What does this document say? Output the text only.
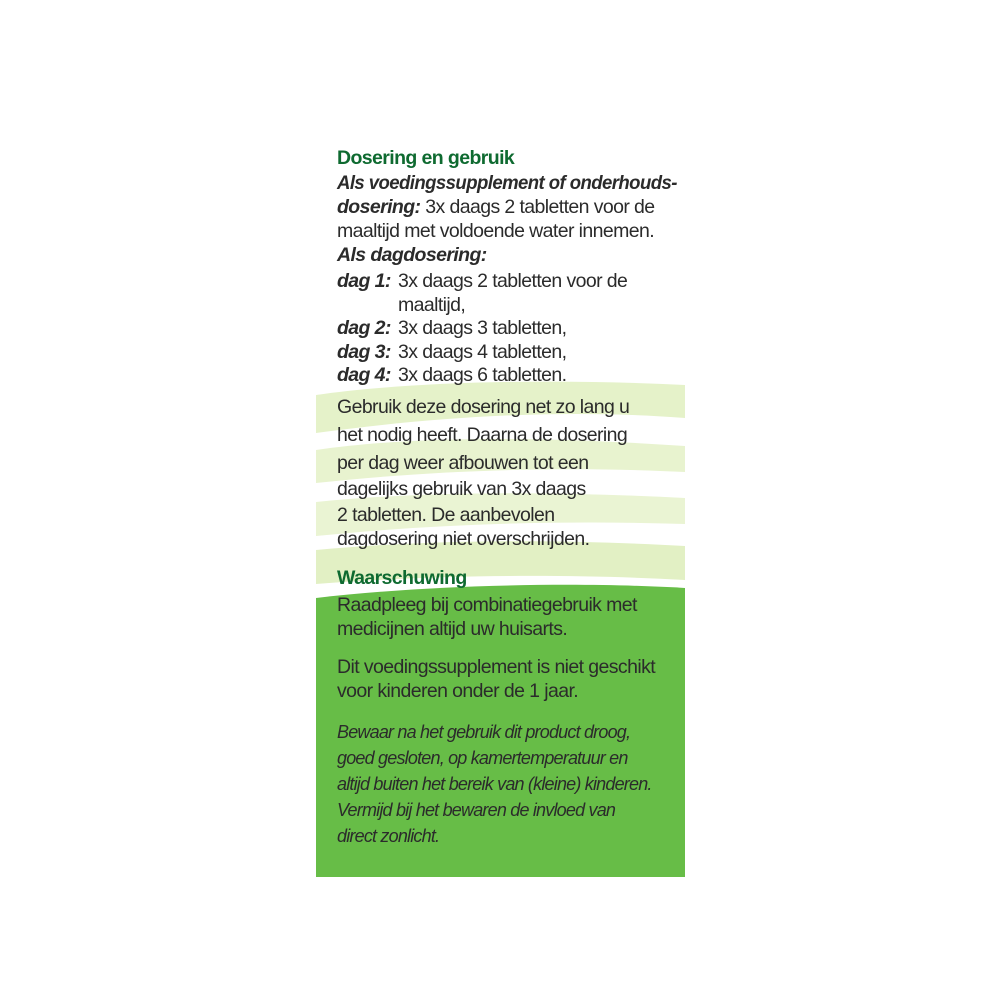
Dosering en gebruik
Als voedingssupplement of onderhouds-
dosering: 3x daags 2 tabletten voor de
maaltijd met voldoende water innemen.
Als dagdosering:
dag 1: 3x daags 2 tabletten voor de
maaltijd,
dag 2: 3x daags 3 tabletten,
dag 3: 3x daags 4 tabletten,
dag 4: 3x daags 6 tabletten.
Gebruik deze dosering net zo lang u
het nodig heeft. Daarna de dosering
per dag weer afbouwen tot een
dagelijks gebruik van 3x daags
2 tabletten. De aanbevolen
dagdosering niet overschrijden.
Waarschuwing
Raadpleeg bij combinatiegebruik met
medicijnen altijd uw huisarts.
Dit voedingssupplement is niet geschikt
voor kinderen onder de 1 jaar.
Bewaar na het gebruik dit product droog,
goed gesloten, op kamertemperatuur en
altijd buiten het bereik van (kleine) kinderen.
Vermijd bij het bewaren de invloed van
direct zonlicht.
